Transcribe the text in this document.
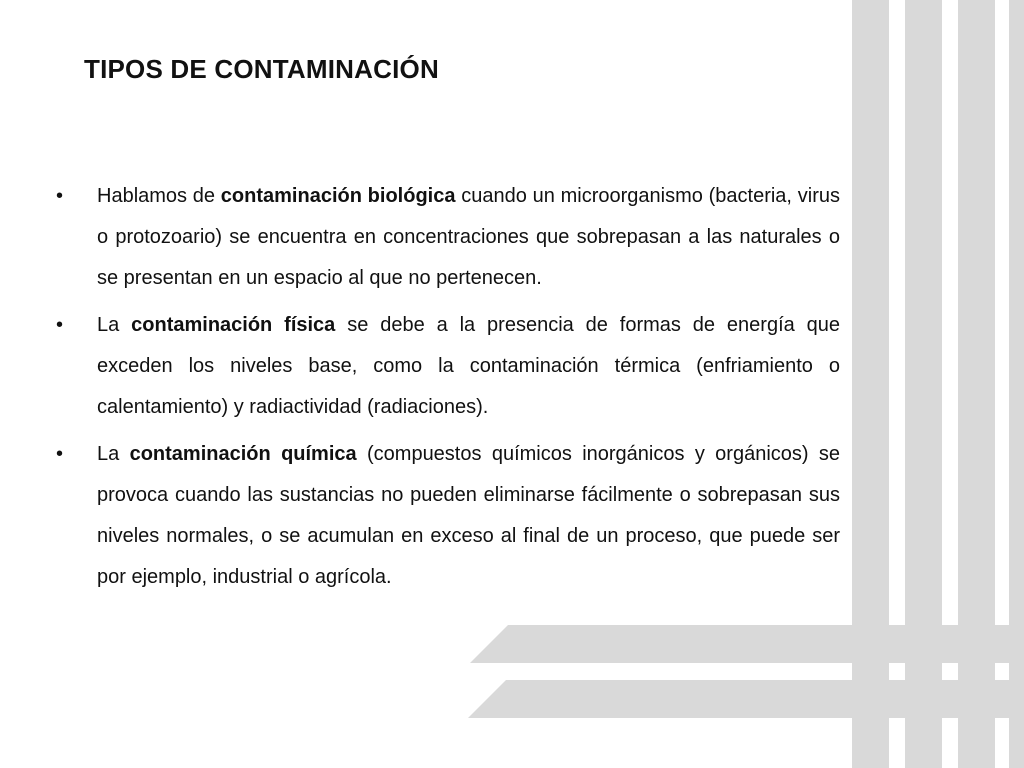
TIPOS DE CONTAMINACIÓN
• Hablamos de contaminación biológica cuando un microorganismo (bacteria, virus o protozoario) se encuentra en concentraciones que sobrepasan a las naturales o se presentan en un espacio al que no pertenecen.
• La contaminación física se debe a la presencia de formas de energía que exceden los niveles base, como la contaminación térmica (enfriamiento o calentamiento) y radiactividad (radiaciones).
• La contaminación química (compuestos químicos inorgánicos y orgánicos) se provoca cuando las sustancias no pueden eliminarse fácilmente o sobrepasan sus niveles normales, o se acumulan en exceso al final de un proceso, que puede ser por ejemplo, industrial o agrícola.
